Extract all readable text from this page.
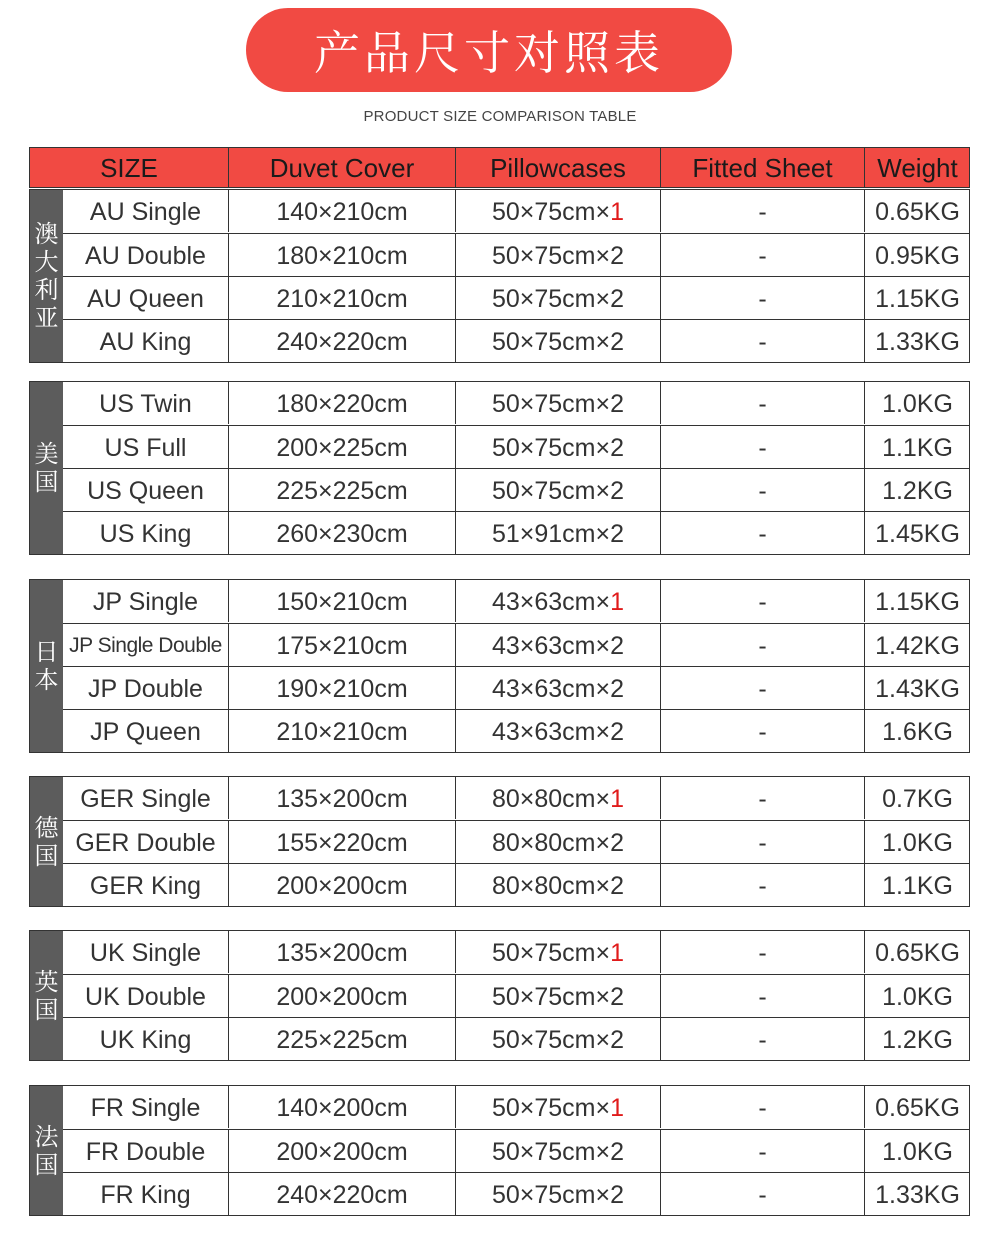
产品尺寸对照表
PRODUCT SIZE COMPARISON TABLE
SIZE	Duvet Cover	Pillowcases	Fitted Sheet	Weight
澳
大
利
亚
AU Single	140×210cm	50×75cm×1	-	0.65KG
AU Double	180×210cm	50×75cm×2	-	0.95KG
AU Queen	210×210cm	50×75cm×2	-	1.15KG
AU King	240×220cm	50×75cm×2	-	1.33KG
美
国
US Twin	180×220cm	50×75cm×2	-	1.0KG
US Full	200×225cm	50×75cm×2	-	1.1KG
US Queen	225×225cm	50×75cm×2	-	1.2KG
US King	260×230cm	51×91cm×2	-	1.45KG
日
本
JP Single	150×210cm	43×63cm×1	-	1.15KG
JP Single Double	175×210cm	43×63cm×2	-	1.42KG
JP Double	190×210cm	43×63cm×2	-	1.43KG
JP Queen	210×210cm	43×63cm×2	-	1.6KG
德
国
GER Single	135×200cm	80×80cm×1	-	0.7KG
GER Double	155×220cm	80×80cm×2	-	1.0KG
GER King	200×200cm	80×80cm×2	-	1.1KG
英
国
UK Single	135×200cm	50×75cm×1	-	0.65KG
UK Double	200×200cm	50×75cm×2	-	1.0KG
UK King	225×225cm	50×75cm×2	-	1.2KG
法
国
FR Single	140×200cm	50×75cm×1	-	0.65KG
FR Double	200×200cm	50×75cm×2	-	1.0KG
FR King	240×220cm	50×75cm×2	-	1.33KG
